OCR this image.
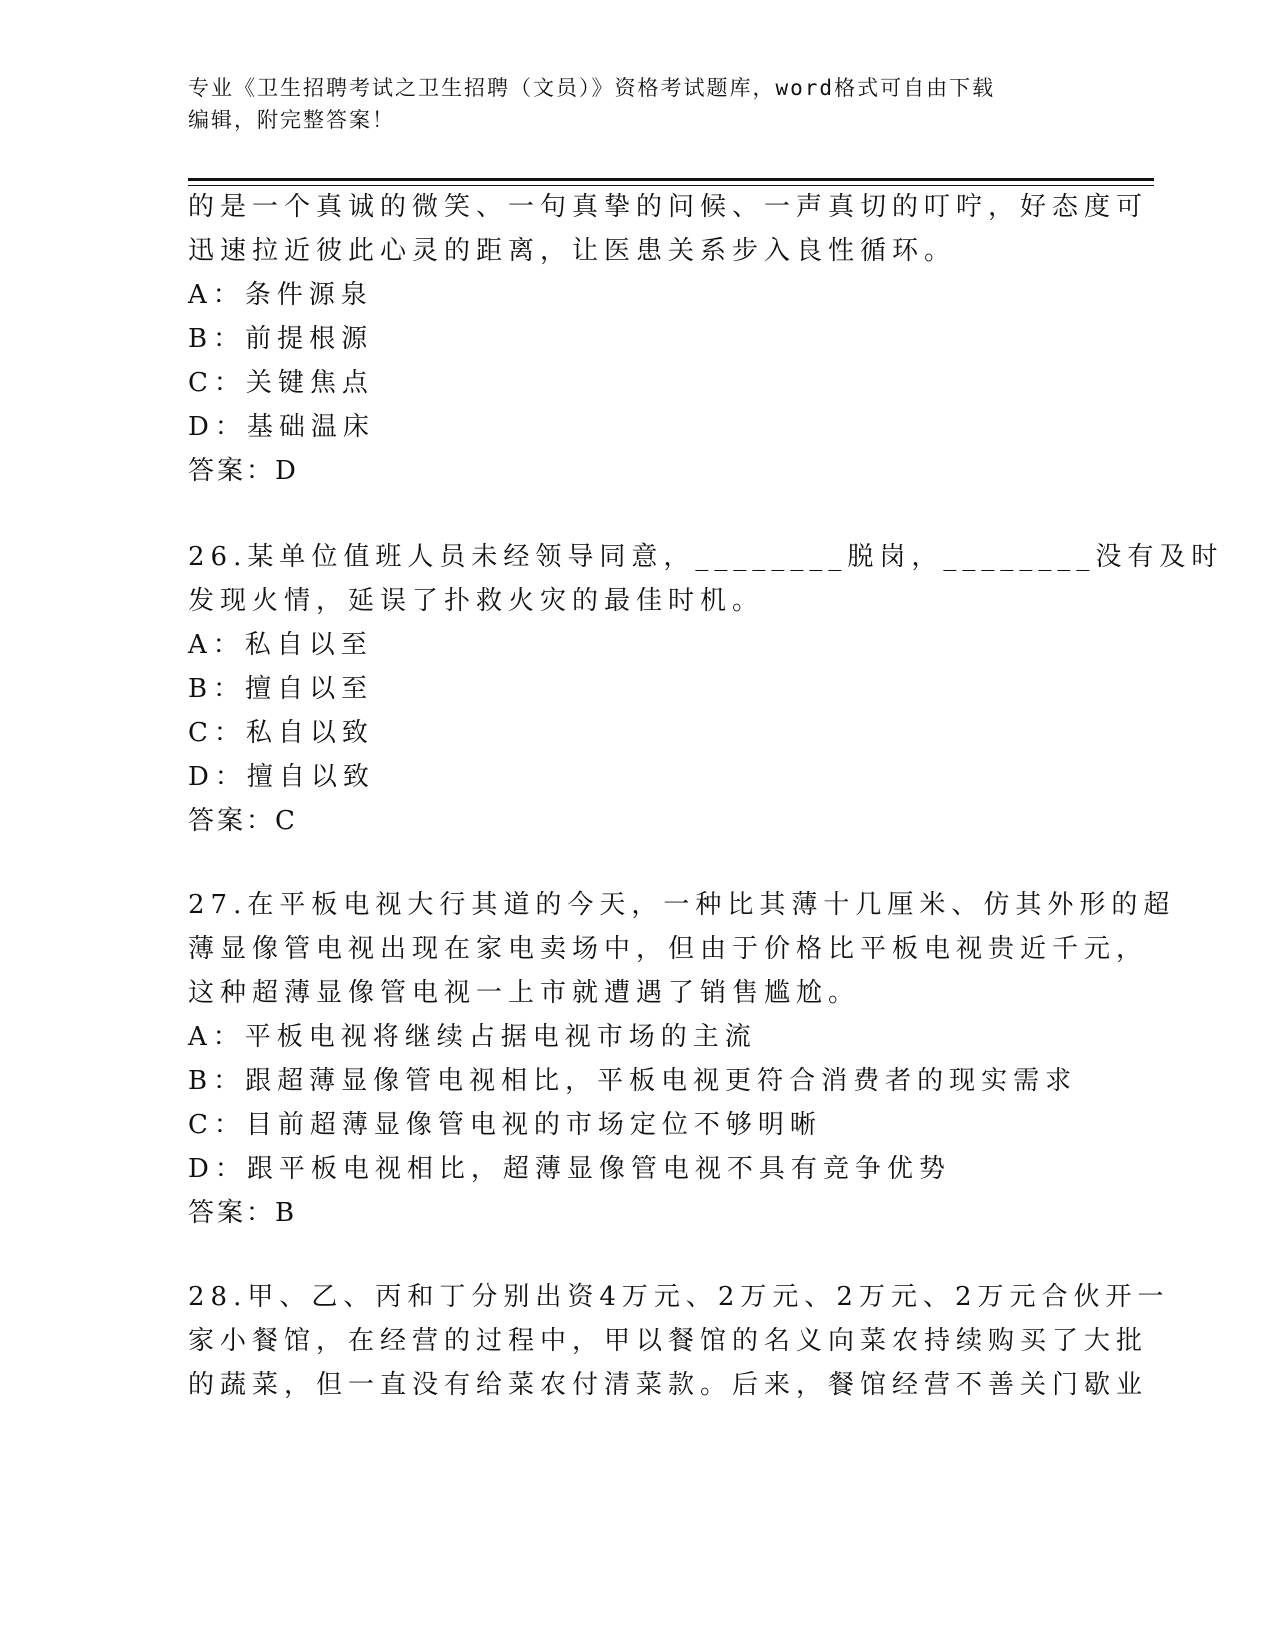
专业《卫生招聘考试之卫生招聘（文员）》资格考试题库，word格式可自由下载
编辑，附完整答案！
的是一个真诚的微笑、一句真挚的问候、一声真切的叮咛，好态度可
迅速拉近彼此心灵的距离，让医患关系步入良性循环。
A：条件源泉
B：前提根源
C：关键焦点
D：基础温床
答案：D
26.某单位值班人员未经领导同意，________脱岗，________没有及时
发现火情，延误了扑救火灾的最佳时机。
A：私自以至
B：擅自以至
C：私自以致
D：擅自以致
答案：C
27.在平板电视大行其道的今天，一种比其薄十几厘米、仿其外形的超
薄显像管电视出现在家电卖场中，但由于价格比平板电视贵近千元，
这种超薄显像管电视一上市就遭遇了销售尴尬。
A：平板电视将继续占据电视市场的主流
B：跟超薄显像管电视相比，平板电视更符合消费者的现实需求
C：目前超薄显像管电视的市场定位不够明晰
D：跟平板电视相比，超薄显像管电视不具有竞争优势
答案：B
28.甲、乙、丙和丁分别出资4万元、2万元、2万元、2万元合伙开一
家小餐馆，在经营的过程中，甲以餐馆的名义向菜农持续购买了大批
的蔬菜，但一直没有给菜农付清菜款。后来，餐馆经营不善关门歇业
